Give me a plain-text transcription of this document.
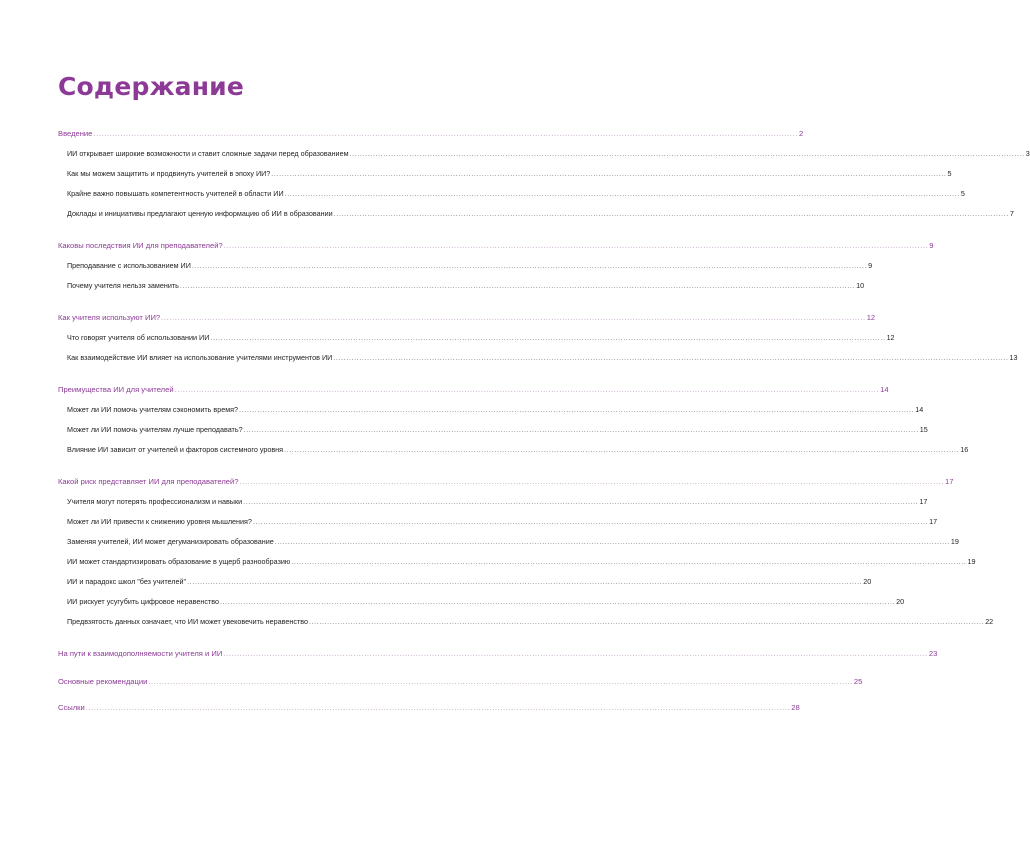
Содержание
Введение .................................................................................................................................................................................................................................................................... 2
ИИ открывает широкие возможности и ставит сложные задачи перед образованием .................................................................................................................................................................................................................................................................... 3
Как мы можем защитить и продвинуть учителей в эпоху ИИ? .................................................................................................................................................................................................................................................................... 5
Крайне важно повышать компетентность учителей в области ИИ .................................................................................................................................................................................................................................................................... 5
Доклады и инициативы предлагают ценную информацию об ИИ в образовании .................................................................................................................................................................................................................................................................... 7
Каковы последствия ИИ для преподавателей? .................................................................................................................................................................................................................................................................... 9
Преподавание с использованием ИИ .................................................................................................................................................................................................................................................................... 9
Почему учителя нельзя заменить .................................................................................................................................................................................................................................................................... 10
Как учителя используют ИИ? .................................................................................................................................................................................................................................................................... 12
Что говорят учителя об использовании ИИ .................................................................................................................................................................................................................................................................... 12
Как взаимодействие ИИ влияет на использование учителями инструментов ИИ .................................................................................................................................................................................................................................................................... 13
Преимущества ИИ для учителей .................................................................................................................................................................................................................................................................... 14
Может ли ИИ помочь учителям сэкономить время? .................................................................................................................................................................................................................................................................... 14
Может ли ИИ помочь учителям лучше преподавать? .................................................................................................................................................................................................................................................................... 15
Влияние ИИ зависит от учителей и факторов системного уровня .................................................................................................................................................................................................................................................................... 16
Какой риск представляет ИИ для преподавателей? .................................................................................................................................................................................................................................................................... 17
Учителя могут потерять профессионализм и навыки .................................................................................................................................................................................................................................................................... 17
Может ли ИИ привести к снижению уровня мышления? .................................................................................................................................................................................................................................................................... 17
Заменяя учителей, ИИ может дегуманизировать образование .................................................................................................................................................................................................................................................................... 19
ИИ может стандартизировать образование в ущерб разнообразию .................................................................................................................................................................................................................................................................... 19
ИИ и парадокс школ "без учителей" .................................................................................................................................................................................................................................................................... 20
ИИ рискует усугубить цифровое неравенство .................................................................................................................................................................................................................................................................... 20
Предвзятость данных означает, что ИИ может увековечить неравенство .................................................................................................................................................................................................................................................................... 22
На пути к взаимодополняемости учителя и ИИ .................................................................................................................................................................................................................................................................... 23
Основные рекомендации .................................................................................................................................................................................................................................................................... 25
Ссылки .................................................................................................................................................................................................................................................................... 28
